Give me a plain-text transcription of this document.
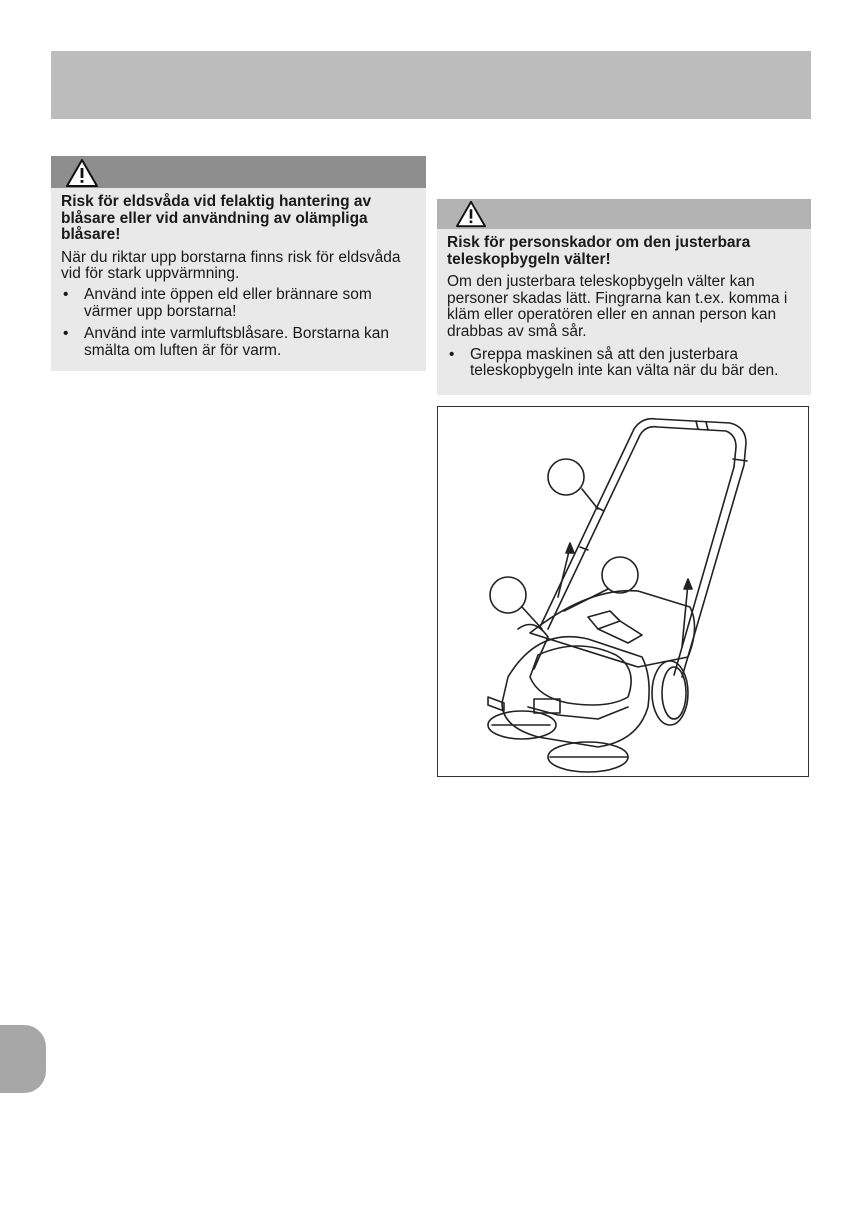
Risk för eldsvåda vid felaktig hantering av blåsare eller vid användning av olämpliga blåsare!

När du riktar upp borstarna finns risk för eldsvåda vid för stark uppvärmning.

• Använd inte öppen eld eller brännare som värmer upp borstarna!
• Använd inte varmluftsblåsare. Borstarna kan smälta om luften är för varm.

Risk för personskador om den justerbara teleskopbygeln välter!

Om den justerbara teleskopbygeln välter kan personer skadas lätt. Fingrarna kan t.ex. komma i kläm eller operatören eller en annan person kan drabbas av små sår.

• Greppa maskinen så att den justerbara teleskopbygeln inte kan välta när du bär den.
